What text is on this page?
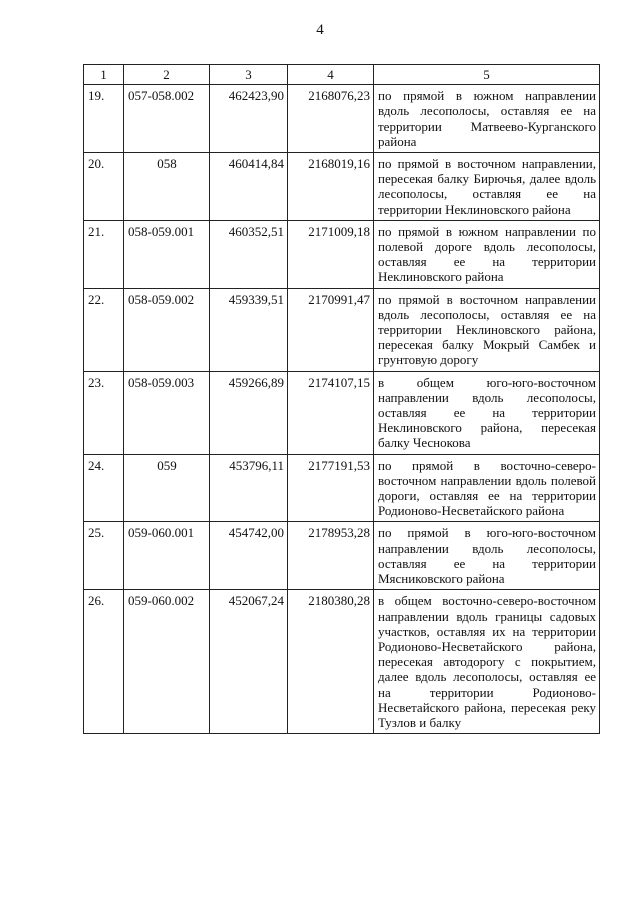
4
1	2	3	4	5
19.	057-058.002	462423,90	2168076,23	по прямой в южном направлении вдоль лесополосы, оставляя ее на территории Матвеево-Курганского района
20.	058	460414,84	2168019,16	по прямой в восточном направлении, пересекая балку Бирючья, далее вдоль лесополосы, оставляя ее на территории Неклиновского района
21.	058-059.001	460352,51	2171009,18	по прямой в южном направлении по полевой дороге вдоль лесополосы, оставляя ее на территории Неклиновского района
22.	058-059.002	459339,51	2170991,47	по прямой в восточном направлении вдоль лесополосы, оставляя ее на территории Неклиновского района, пересекая балку Мокрый Самбек и грунтовую дорогу
23.	058-059.003	459266,89	2174107,15	в общем юго-юго-восточном направлении вдоль лесополосы, оставляя ее на территории Неклиновского района, пересекая балку Чеснокова
24.	059	453796,11	2177191,53	по прямой в восточно-северо-восточном направлении вдоль полевой дороги, оставляя ее на территории Родионово-Несветайского района
25.	059-060.001	454742,00	2178953,28	по прямой в юго-юго-восточном направлении вдоль лесополосы, оставляя ее на территории Мясниковского района
26.	059-060.002	452067,24	2180380,28	в общем восточно-северо-восточном направлении вдоль границы садовых участков, оставляя их на территории Родионово-Несветайского района, пересекая автодорогу с покрытием, далее вдоль лесополосы, оставляя ее на территории Родионово-Несветайского района, пересекая реку Тузлов и балку
